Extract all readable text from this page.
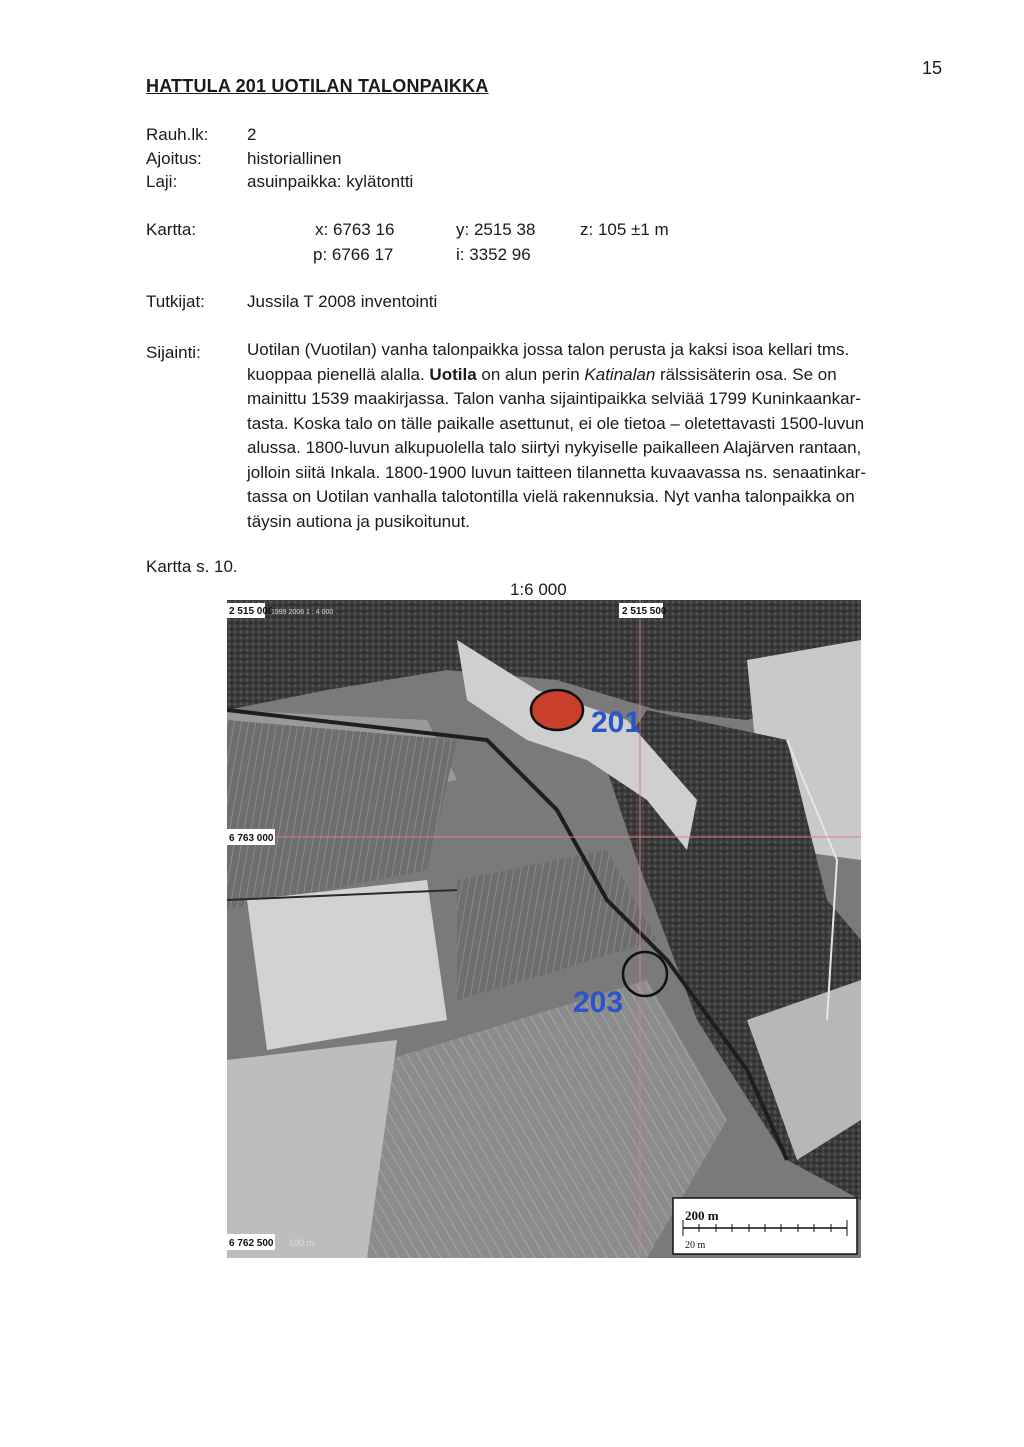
15
HATTULA 201 UOTILAN TALONPAIKKA
Rauh.lk: 2
Ajoitus:	historiallinen
Laji:	asuinpaikka: kylätontti
Kartta:	x: 6763 16	y: 2515 38	z: 105 ±1 m
p: 6766 17	i: 3352 96
Tutkijat: Jussila T 2008 inventointi
Sijainti:	Uotilan (Vuotilan) vanha talonpaikka jossa talon perusta ja kaksi isoa kellari tms.
kuoppaa pienellä alalla. Uotila on alun perin Katinalan rälssisäterin osa. Se on
mainittu 1539 maakirjassa. Talon vanha sijaintipaikka selviää 1799 Kuninkaankar-
tasta. Koska talo on tälle paikalle asettunut, ei ole tietoa – oletettavasti 1500-luvun
alussa. 1800-luvun alkupuolella talo siirtyi nykyiselle paikalleen Alajärven rantaan,
jolloin siitä Inkala. 1800-1900 luvun taitteen tilannetta kuvaavassa ns. senaatinkar-
tassa on Uotilan vanhalla talotontilla vielä rakennuksia. Nyt vanha talonpaikka on
täysin autiona ja pusikoitunut.
Kartta s. 10.
1:6 000
201
203
2 515 000
1999 2006 1 : 4 000	2 515 500
6 763 000
6 762 500 100 m
200 m
20 m
